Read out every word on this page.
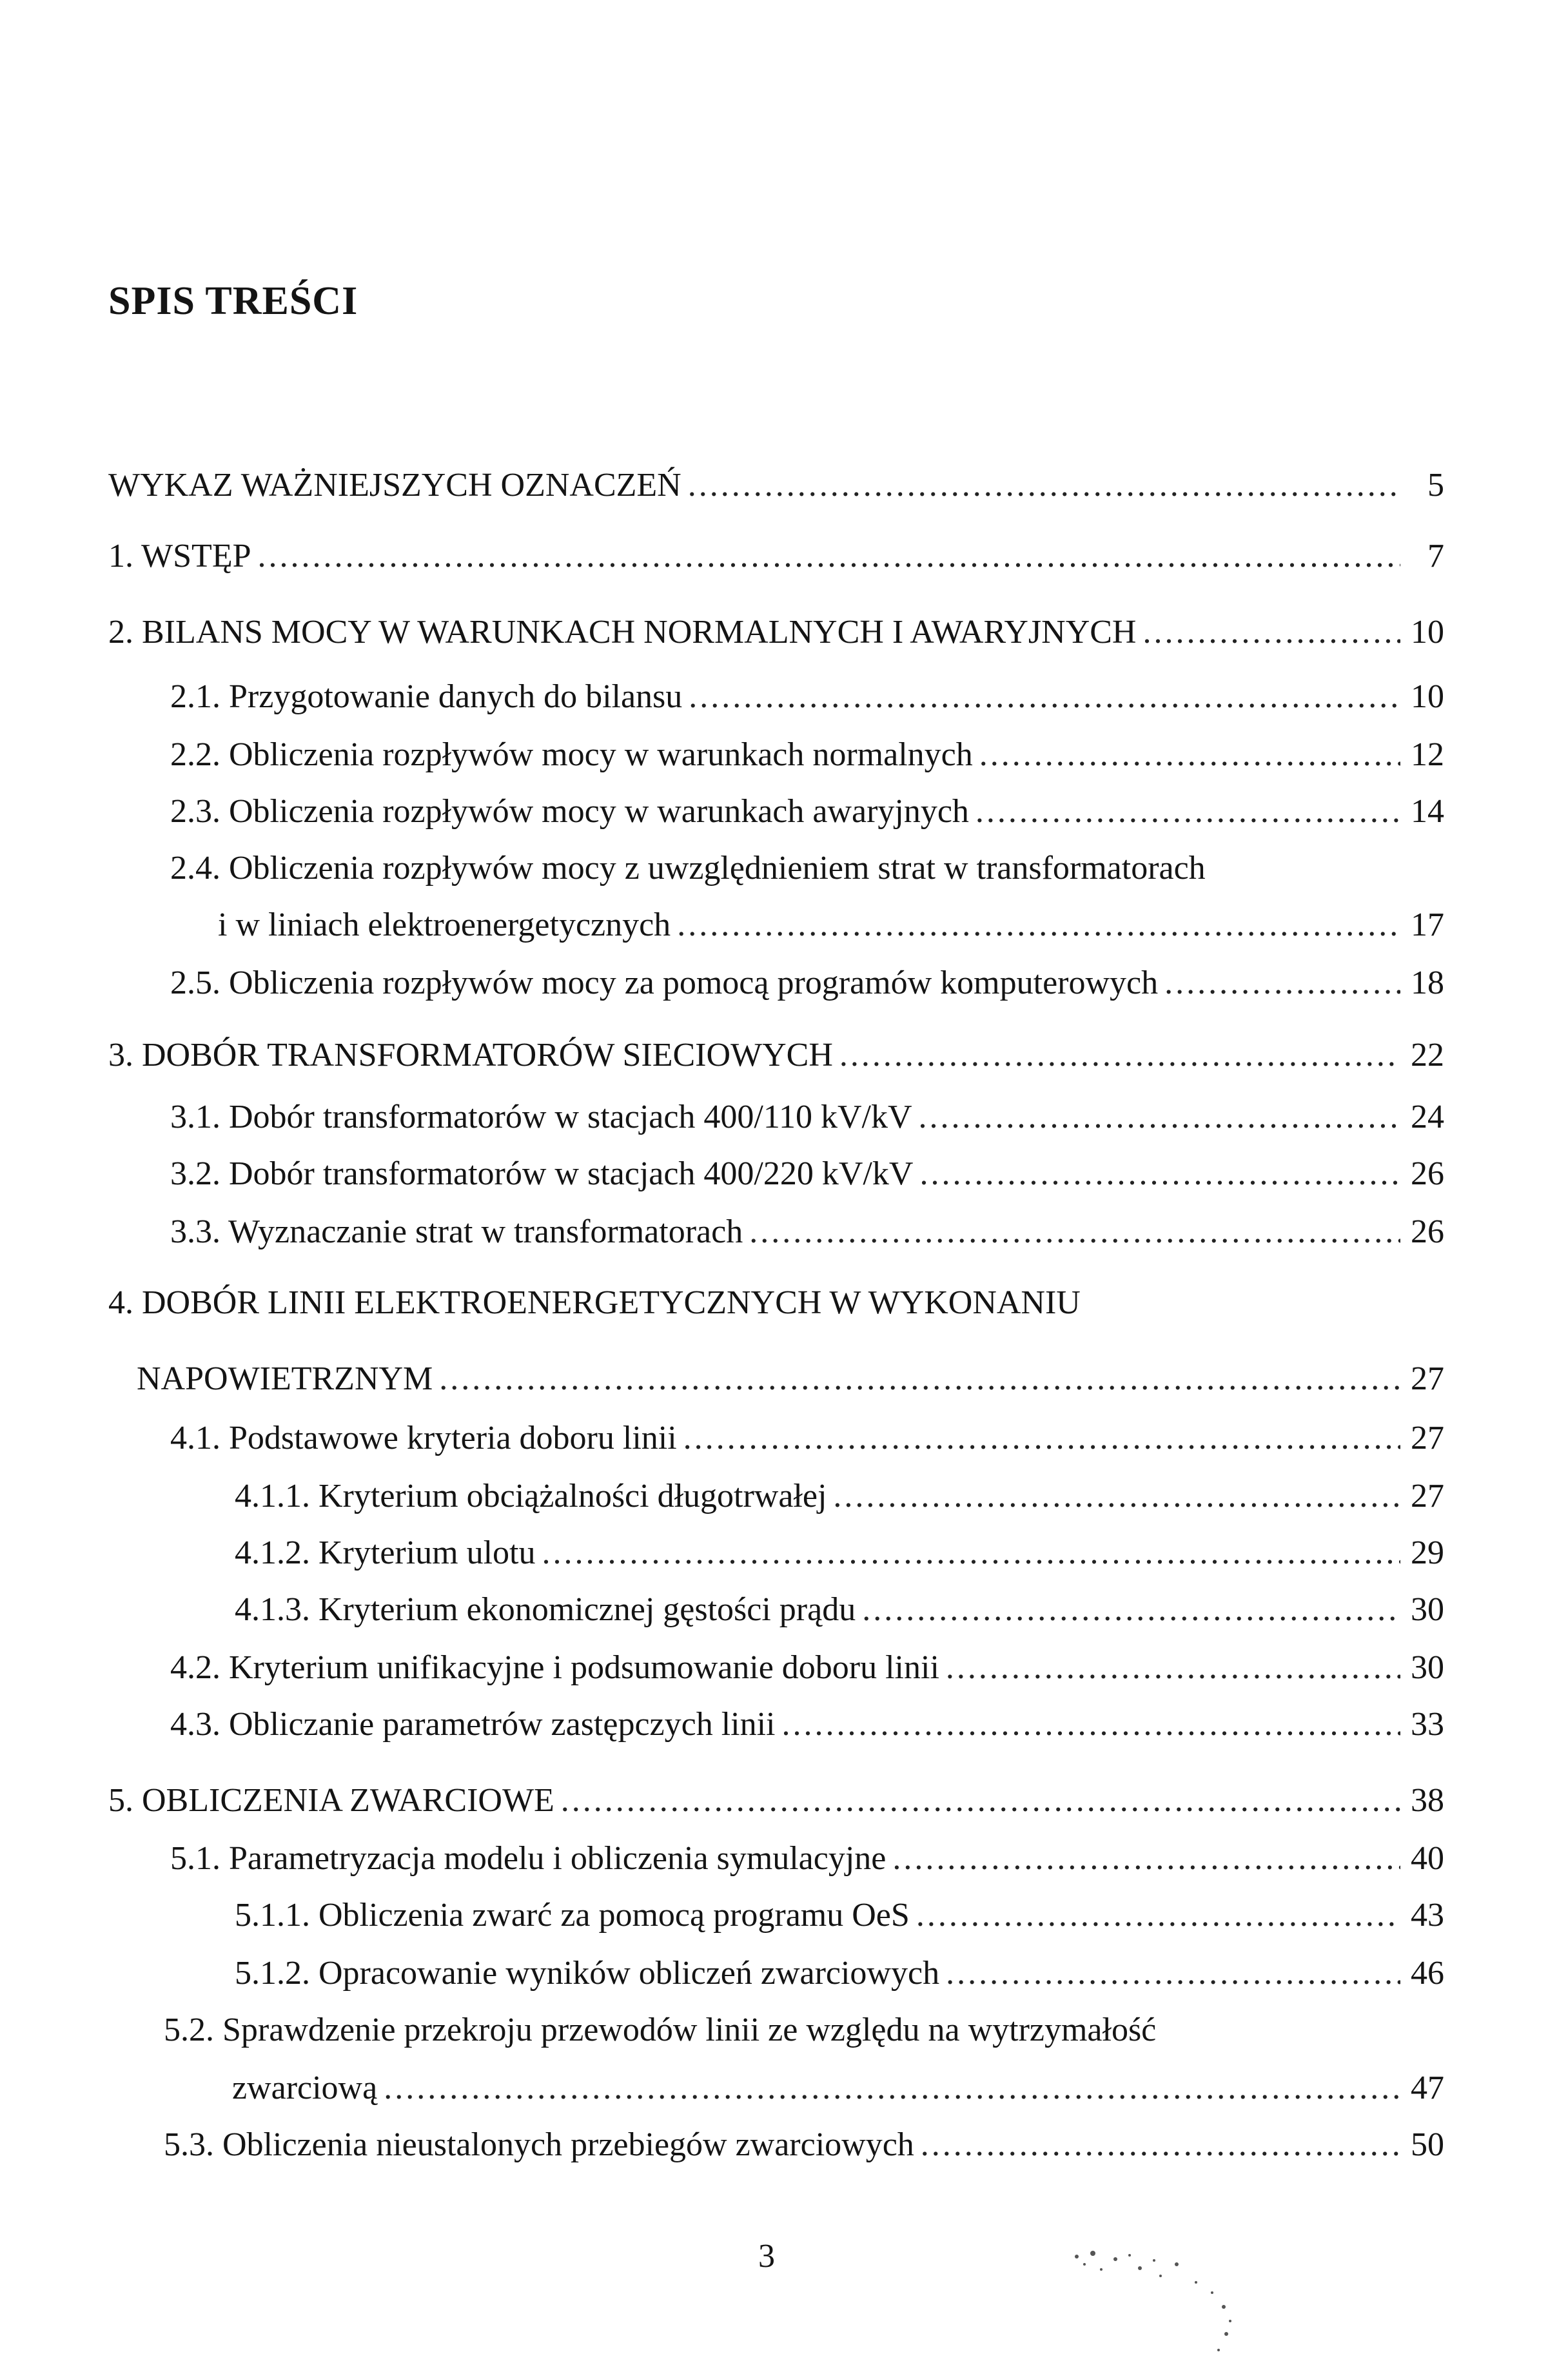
SPIS TREŚCI
WYKAZ WAŻNIEJSZYCH OZNACZEŃ .....	5
1. WSTĘP .....	7
2. BILANS MOCY W WARUNKACH NORMALNYCH I AWARYJNYCH .....	10
2.1. Przygotowanie danych do bilansu .....	10
2.2. Obliczenia rozpływów mocy w warunkach normalnych .....	12
2.3. Obliczenia rozpływów mocy w warunkach awaryjnych .....	14
2.4. Obliczenia rozpływów mocy z uwzględnieniem strat w transformatorach
i w liniach elektroenergetycznych .....	17
2.5. Obliczenia rozpływów mocy za pomocą programów komputerowych .....	18
3. DOBÓR TRANSFORMATORÓW SIECIOWYCH .....	22
3.1. Dobór transformatorów w stacjach 400/110 kV/kV .....	24
3.2. Dobór transformatorów w stacjach 400/220 kV/kV .....	26
3.3. Wyznaczanie strat w transformatorach .....	26
4. DOBÓR LINII ELEKTROENERGETYCZNYCH W WYKONANIU
NAPOWIETRZNYM .....	27
4.1. Podstawowe kryteria doboru linii .....	27
4.1.1. Kryterium obciążalności długotrwałej .....	27
4.1.2. Kryterium ulotu .....	29
4.1.3. Kryterium ekonomicznej gęstości prądu .....	30
4.2. Kryterium unifikacyjne i podsumowanie doboru linii .....	30
4.3. Obliczanie parametrów zastępczych linii .....	33
5. OBLICZENIA ZWARCIOWE .....	38
5.1. Parametryzacja modelu i obliczenia symulacyjne .....	40
5.1.1. Obliczenia zwarć za pomocą programu OeS .....	43
5.1.2. Opracowanie wyników obliczeń zwarciowych .....	46
5.2. Sprawdzenie przekroju przewodów linii ze względu na wytrzymałość
zwarciową .....	47
5.3. Obliczenia nieustalonych przebiegów zwarciowych .....	50

3
